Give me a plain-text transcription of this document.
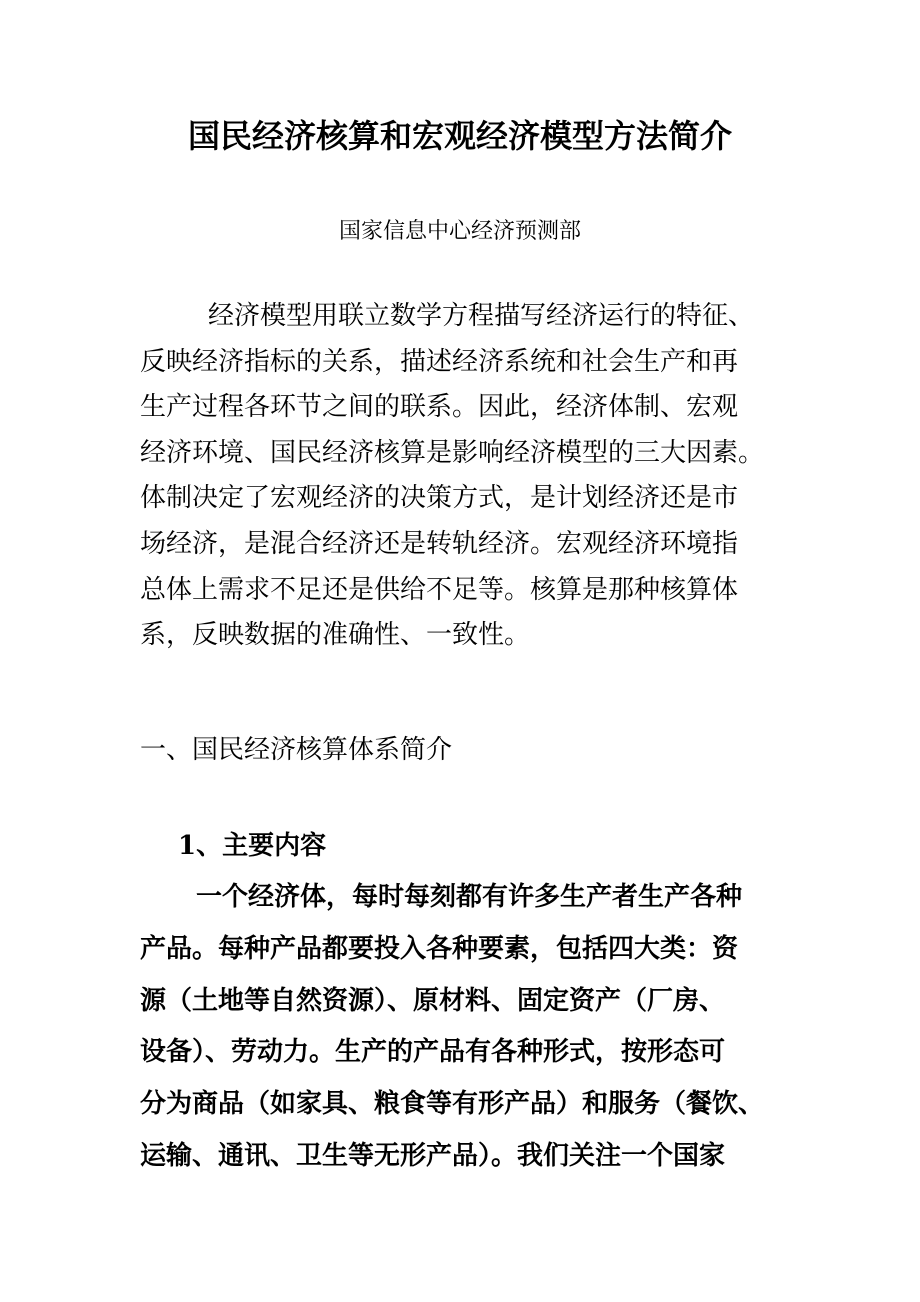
国民经济核算和宏观经济模型方法简介
国家信息中心经济预测部

经济模型用联立数学方程描写经济运行的特征、
反映经济指标的关系，描述经济系统和社会生产和再
生产过程各环节之间的联系。因此，经济体制、宏观
经济环境、国民经济核算是影响经济模型的三大因素。
体制决定了宏观经济的决策方式，是计划经济还是市
场经济，是混合经济还是转轨经济。宏观经济环境指
总体上需求不足还是供给不足等。核算是那种核算体
系，反映数据的准确性、一致性。

一、国民经济核算体系简介
1、主要内容

一个经济体，每时每刻都有许多生产者生产各种
产品。每种产品都要投入各种要素，包括四大类：资
源（土地等自然资源）、原材料、固定资产（厂房、
设备）、劳动力。生产的产品有各种形式，按形态可
分为商品（如家具、粮食等有形产品）和服务（餐饮、
运输、通讯、卫生等无形产品）。我们关注一个国家
